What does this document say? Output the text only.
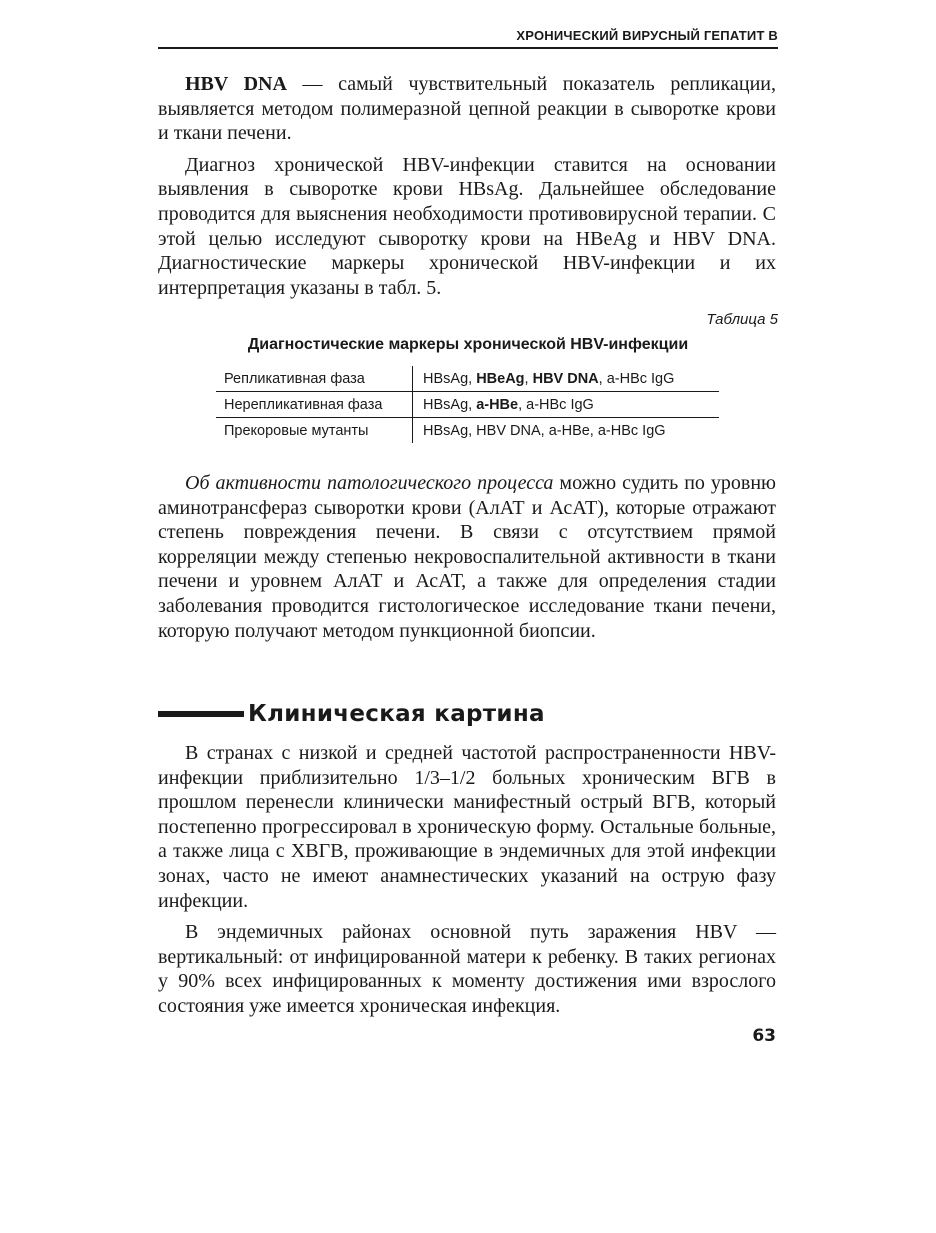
ХРОНИЧЕСКИЙ ВИРУСНЫЙ ГЕПАТИТ В

HBV DNA — самый чувствительный показатель репликации, выявляется методом полимеразной цепной реакции в сыворотке крови и ткани печени.

Диагноз хронической HBV-инфекции ставится на основании выявления в сыворотке крови HBsAg. Дальнейшее обследование проводится для выяснения необходимости противовирусной терапии. С этой целью исследуют сыворотку крови на HBeAg и HBV DNA. Диагностические маркеры хронической HBV-инфекции и их интерпретация указаны в табл. 5.

Таблица 5
Диагностические маркеры хронической HBV-инфекции
Репликативная фаза	HBsAg, HBeAg, HBV DNA, a-HBc IgG
Нерепликативная фаза	HBsAg, a-HBe, a-HBc IgG
Прекоровые мутанты	HBsAg, HBV DNA, a-HBe, a-HBc IgG

Об активности патологического процесса можно судить по уровню аминотрансфераз сыворотки крови (АлАТ и АсАТ), которые отражают степень повреждения печени. В связи с отсутствием прямой корреляции между степенью некровоспалительной активности в ткани печени и уровнем АлАТ и АсАТ, а также для определения стадии заболевания проводится гистологическое исследование ткани печени, которую получают методом пункционной биопсии.

Клиническая картина

В странах с низкой и средней частотой распространенности HBV-инфекции приблизительно 1/3–1/2 больных хроническим ВГВ в прошлом перенесли клинически манифестный острый ВГВ, который постепенно прогрессировал в хроническую форму. Остальные больные, а также лица с ХВГВ, проживающие в эндемичных для этой инфекции зонах, часто не имеют анамнестических указаний на острую фазу инфекции.

В эндемичных районах основной путь заражения HBV — вертикальный: от инфицированной матери к ребенку. В таких регионах у 90% всех инфицированных к моменту достижения ими взрослого состояния уже имеется хроническая инфекция.

63
